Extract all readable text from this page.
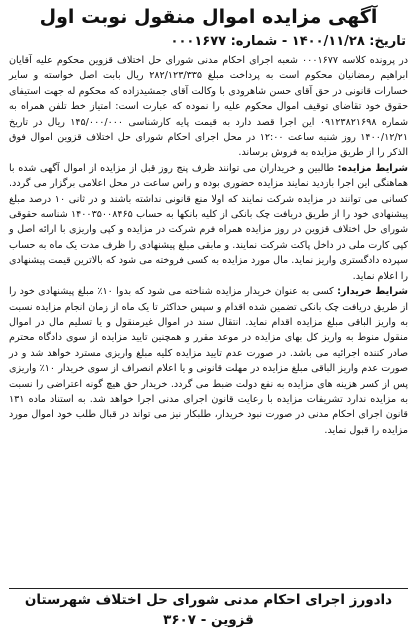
آگهی مزایده اموال منقول نوبت اول
تاریخ: ۱۴۰۰/۱۱/۲۸ - شماره: ۰۰۰۱۶۷۷

در پرونده کلاسه ۰۰۰۱۶۷۷ شعبه اجرای احکام مدنی شورای حل اختلاف قزوین محکوم علیه آقایان ابراهیم رمضانیان محکوم است به پرداخت مبلغ ۲۸۲/۱۲۳/۳۳۵ ریال بابت اصل خواسته و سایر خسارات قانونی در حق آقای حسن شاهرودی با وکالت آقای جمشیدزاده که محکوم له جهت استیفای حقوق خود تقاضای توقیف اموال محکوم علیه را نموده که عبارت است: امتیاز خط تلفن همراه به شماره ۰۹۱۲۳۸۲۱۶۹۸ این اجرا قصد دارد به قیمت پایه کارشناسی ۱۴۵/۰۰۰/۰۰۰ ریال در تاریخ ۱۴۰۰/۱۲/۲۱ روز شنبه ساعت ۱۲:۰۰ در محل اجرای احکام شورای حل اختلاف قزوین اموال فوق الذکر را از طریق مزایده به فروش برساند.

شرایط مزایده: طالبین و خریداران می توانند ظرف پنج روز قبل از مزایده از اموال آگهی شده با هماهنگی این اجرا بازدید نمایند مزایده حضوری بوده و راس ساعت در محل اعلامی برگزار می گردد. کسانی می توانند در مزایده شرکت نمایند که اولا منع قانونی نداشته باشند و در ثانی ۱۰ درصد مبلغ پیشنهادی خود را از طریق دریافت چک بانکی از کلیه بانکها به حساب ۱۴۰۰۳۵۰۰۸۴۶۵ شناسه حقوقی شورای حل اختلاف قزوین در روز مزایده همراه فرم شرکت در مزایده و کپی واریزی با ارائه اصل و کپی کارت ملی در داخل پاکت شرکت نمایند. و مابقی مبلغ پیشنهادی را ظرف مدت یک ماه به حساب سپرده دادگستری واریز نماید. مال مورد مزایده به کسی فروخته می شود که بالاترین قیمت پیشنهادی را اعلام نماید.

شرایط خریدار: کسی به عنوان خریدار مزایده شناخته می شود که بدوا ۱۰٪ مبلغ پیشنهادی خود را از طریق دریافت چک بانکی تضمین شده اقدام و سپس حداکثر تا یک ماه از زمان انجام مزایده نسبت به واریز الباقی مبلغ مزایده اقدام نماید. انتقال سند در اموال غیرمنقول و یا تسلیم مال در اموال منقول منوط به واریز کل بهای مزایده در موعد مقرر و همچنین تایید مزایده از سوی دادگاه محترم صادر کننده اجرائیه می باشد. در صورت عدم تایید مزایده کلیه مبلغ واریزی مسترد خواهد شد و در صورت عدم واریز الباقی مبلغ مزایده در مهلت قانونی و یا اعلام انصراف از سوی خریدار ۱۰٪ واریزی پس از کسر هزینه های مزایده به نفع دولت ضبط می گردد. خریدار حق هیچ گونه اعتراضی را نسبت به مزایده ندارد تشریفات مزایده با رعایت قانون اجرای مدنی اجرا خواهد شد. به استناد ماده ۱۳۱ قانون اجرای احکام مدنی در صورت نبود خریدار، طلبکار نیز می تواند در قبال طلب خود اموال مورد مزایده را قبول نماید.

دادورز اجرای احکام مدنی شورای حل اختلاف شهرستان قزوین - ۳۶۰۷
